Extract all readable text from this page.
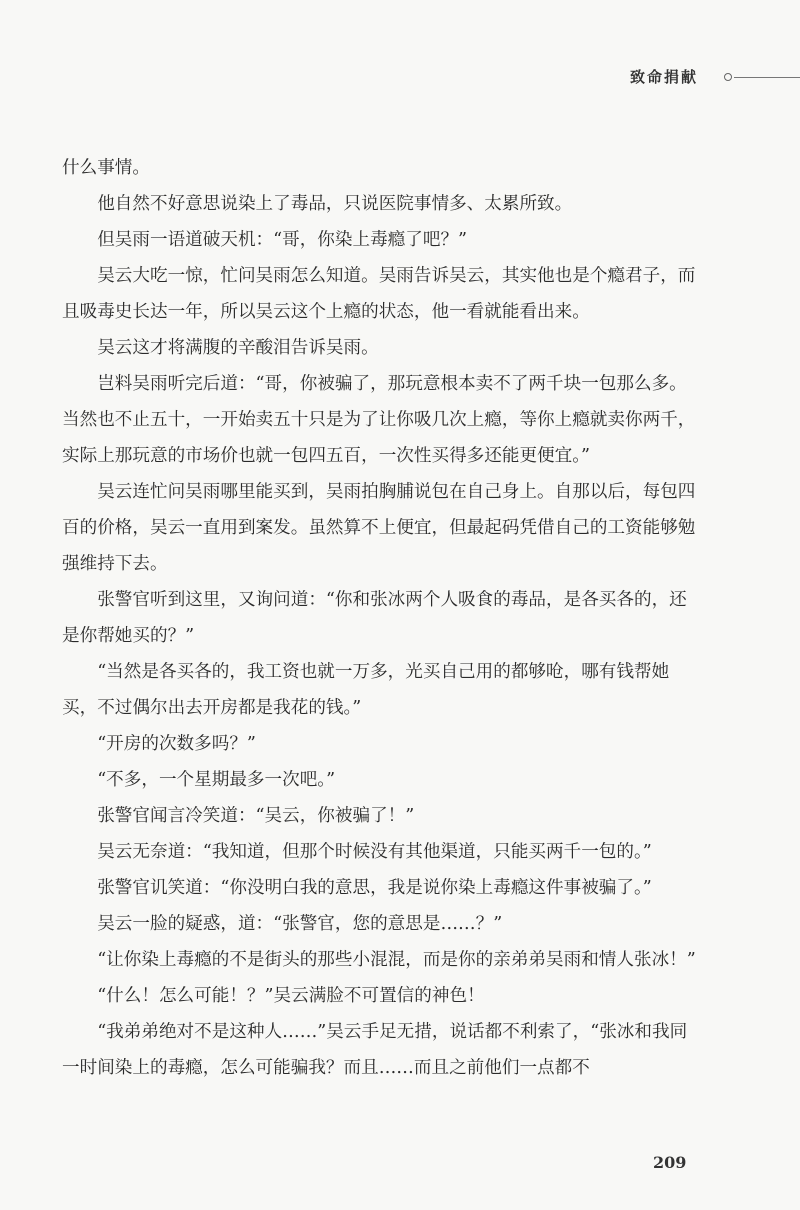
致命捐献

什么事情。

他自然不好意思说染上了毒品，只说医院事情多、太累所致。

但吴雨一语道破天机：“哥，你染上毒瘾了吧？”

吴云大吃一惊，忙问吴雨怎么知道。吴雨告诉吴云，其实他也是个瘾君子，而且吸毒史长达一年，所以吴云这个上瘾的状态，他一看就能看出来。

吴云这才将满腹的辛酸泪告诉吴雨。

岂料吴雨听完后道：“哥，你被骗了，那玩意根本卖不了两千块一包那么多。当然也不止五十，一开始卖五十只是为了让你吸几次上瘾，等你上瘾就卖你两千，实际上那玩意的市场价也就一包四五百，一次性买得多还能更便宜。”

吴云连忙问吴雨哪里能买到，吴雨拍胸脯说包在自己身上。自那以后，每包四百的价格，吴云一直用到案发。虽然算不上便宜，但最起码凭借自己的工资能够勉强维持下去。

张警官听到这里，又询问道：“你和张冰两个人吸食的毒品，是各买各的，还是你帮她买的？”

“当然是各买各的，我工资也就一万多，光买自己用的都够呛，哪有钱帮她买，不过偶尔出去开房都是我花的钱。”

“开房的次数多吗？”

“不多，一个星期最多一次吧。”

张警官闻言冷笑道：“吴云，你被骗了！”

吴云无奈道：“我知道，但那个时候没有其他渠道，只能买两千一包的。”

张警官讥笑道：“你没明白我的意思，我是说你染上毒瘾这件事被骗了。”

吴云一脸的疑惑，道：“张警官，您的意思是……？”

“让你染上毒瘾的不是街头的那些小混混，而是你的亲弟弟吴雨和情人张冰！”

“什么！怎么可能！？”吴云满脸不可置信的神色！

“我弟弟绝对不是这种人……”吴云手足无措，说话都不利索了，“张冰和我同一时间染上的毒瘾，怎么可能骗我？而且……而且之前他们一点都不

209
